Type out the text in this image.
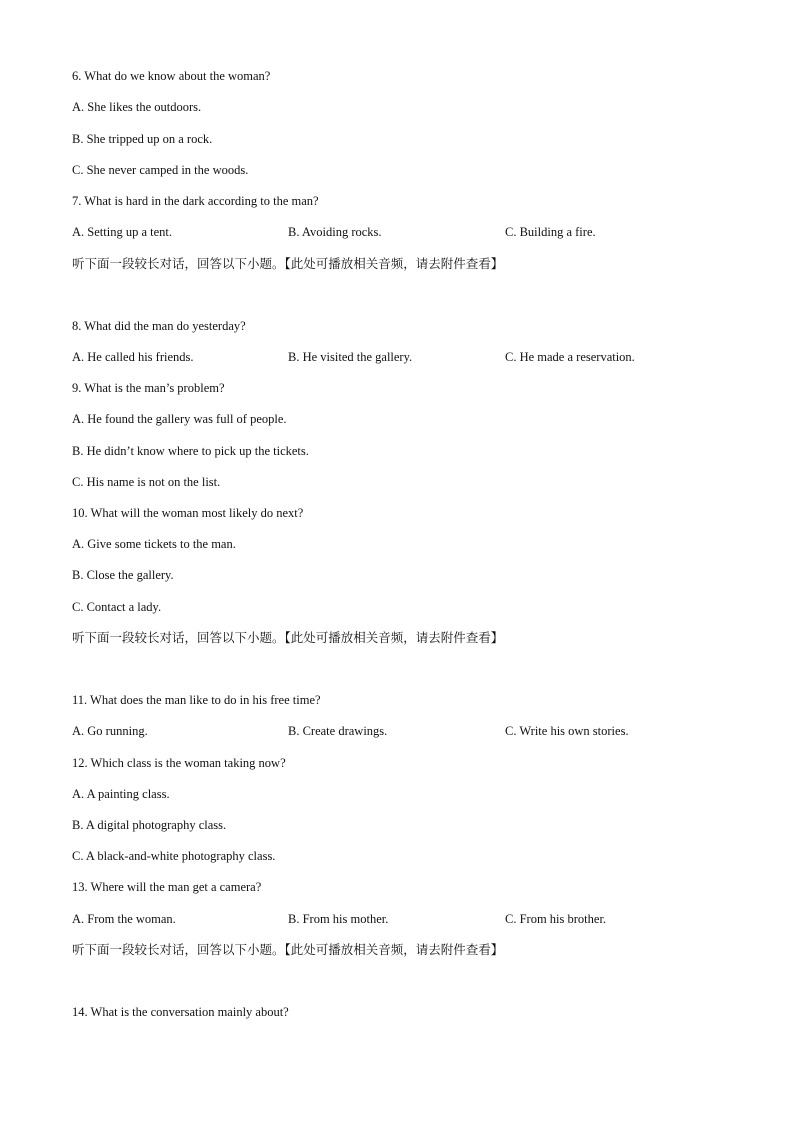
6. What do we know about the woman?
A. She likes the outdoors.
B. She tripped up on a rock.
C. She never camped in the woods.
7. What is hard in the dark according to the man?
A. Setting up a tent.	B. Avoiding rocks.	C. Building a fire.
听下面一段较长对话，回答以下小题。【此处可播放相关音频，请去附件查看】
8. What did the man do yesterday?
A. He called his friends.	B. He visited the gallery.	C. He made a reservation.
9. What is the man’s problem?
A. He found the gallery was full of people.
B. He didn’t know where to pick up the tickets.
C. His name is not on the list.
10. What will the woman most likely do next?
A. Give some tickets to the man.
B. Close the gallery.
C. Contact a lady.
听下面一段较长对话，回答以下小题。【此处可播放相关音频，请去附件查看】
11. What does the man like to do in his free time?
A. Go running.	B. Create drawings.	C. Write his own stories.
12. Which class is the woman taking now?
A. A painting class.
B. A digital photography class.
C. A black-and-white photography class.
13. Where will the man get a camera?
A. From the woman.	B. From his mother.	C. From his brother.
听下面一段较长对话，回答以下小题。【此处可播放相关音频，请去附件查看】
14. What is the conversation mainly about?
